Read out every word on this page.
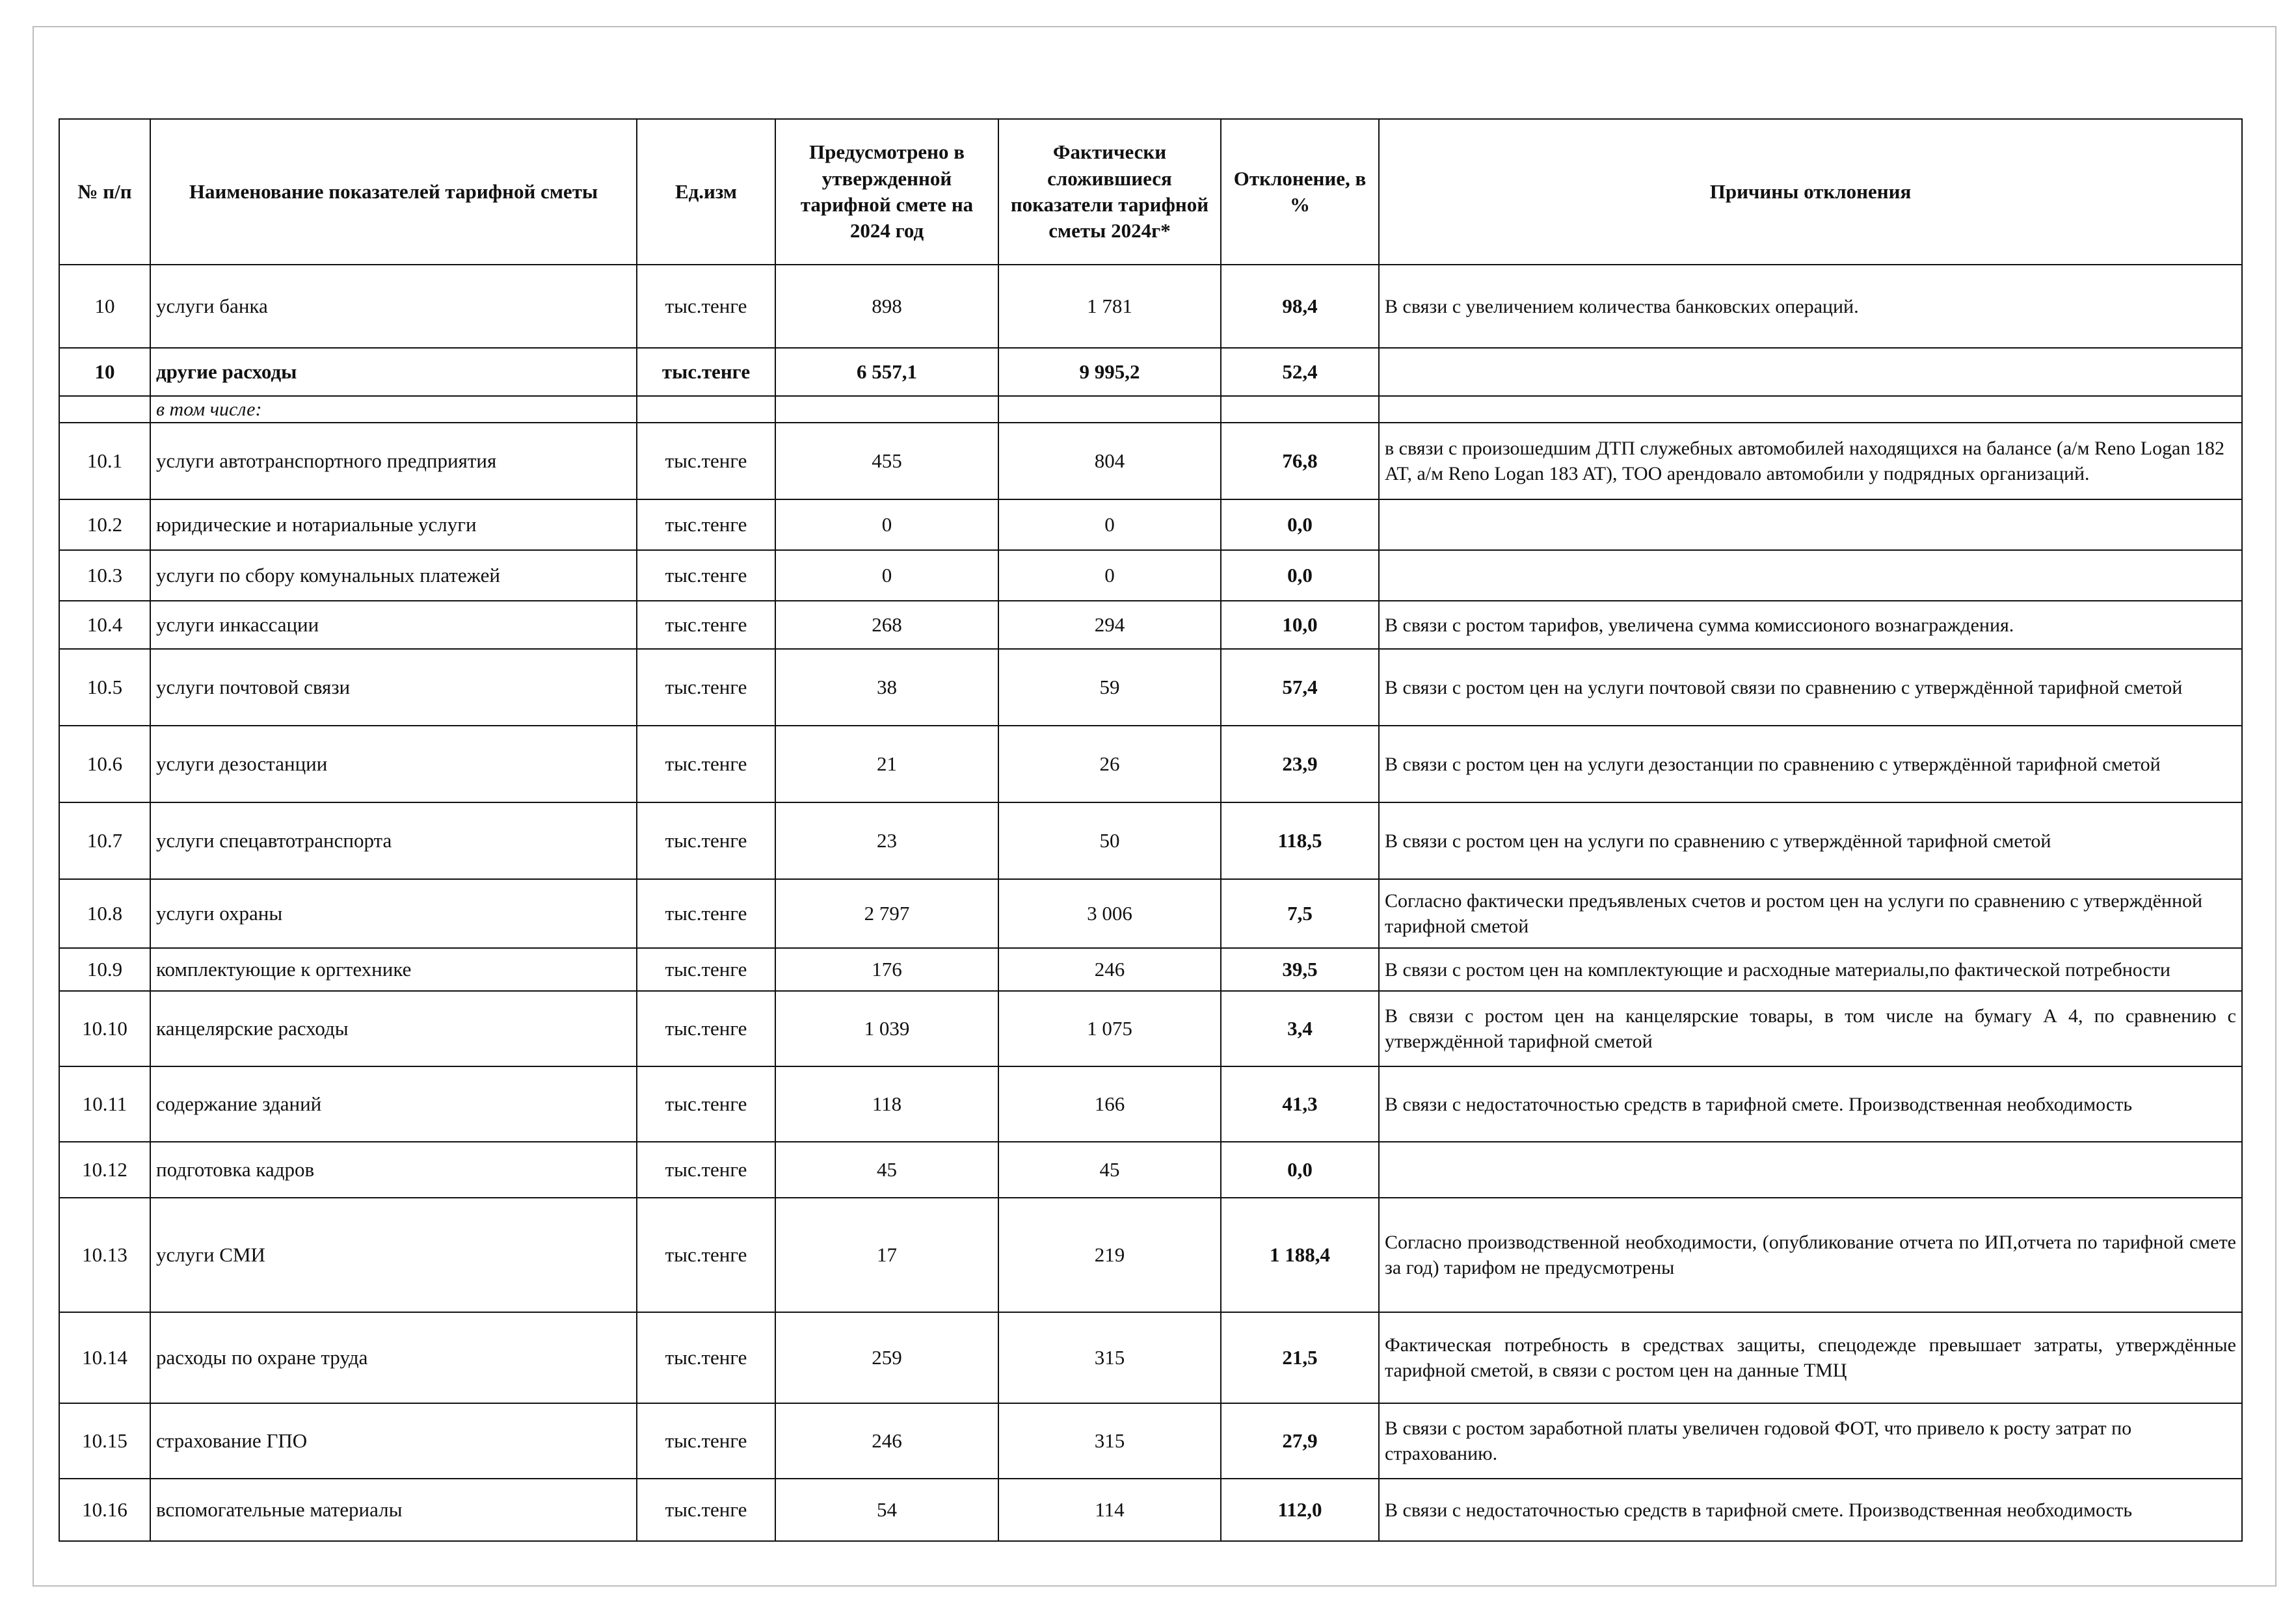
№ п/п	Наименование показателей тарифной сметы	Ед.изм	Предусмотрено в утвержденной тарифной смете на 2024 год	Фактически сложившиеся показатели тарифной сметы 2024г*	Отклонение, в %	Причины отклонения
10	услуги банка	тыс.тенге	898	1 781	98,4	В связи с увеличением количества банковских операций.
10	другие расходы	тыс.тенге	6 557,1	9 995,2	52,4	
	в том числе:					
10.1	услуги автотранспортного предприятия	тыс.тенге	455	804	76,8	в связи с произошедшим ДТП служебных автомобилей находящихся на балансе (а/м Reno Logan 182 AT, а/м Reno Logan 183 AT), ТОО арендовало автомобили у подрядных организаций.
10.2	юридические и нотариальные услуги	тыс.тенге	0	0	0,0	
10.3	услуги по сбору комунальных платежей	тыс.тенге	0	0	0,0	
10.4	услуги инкассации	тыс.тенге	268	294	10,0	В связи с ростом тарифов, увеличена сумма комиссионого вознаграждения.
10.5	услуги почтовой связи	тыс.тенге	38	59	57,4	В связи с ростом цен на услуги почтовой связи по сравнению с утверждённой тарифной сметой
10.6	услуги дезостанции	тыс.тенге	21	26	23,9	В связи с ростом цен на услуги дезостанции по сравнению с утверждённой тарифной сметой
10.7	услуги спецавтотранспорта	тыс.тенге	23	50	118,5	В связи с ростом цен на услуги по сравнению с утверждённой тарифной сметой
10.8	услуги охраны	тыс.тенге	2 797	3 006	7,5	Согласно фактически предъявленых счетов и ростом цен на услуги по сравнению с утверждённой тарифной сметой
10.9	комплектующие к оргтехнике	тыс.тенге	176	246	39,5	В связи с ростом цен на комплектующие и расходные материалы,по фактической потребности
10.10	канцелярские расходы	тыс.тенге	1 039	1 075	3,4	В связи с ростом цен на канцелярские товары, в том числе на бумагу А 4, по сравнению с утверждённой тарифной сметой
10.11	содержание зданий	тыс.тенге	118	166	41,3	В связи с недостаточностью средств в тарифной смете. Производственная необходимость
10.12	подготовка кадров	тыс.тенге	45	45	0,0	
10.13	услуги СМИ	тыс.тенге	17	219	1 188,4	Согласно производственной необходимости, (опубликование отчета по ИП,отчета по тарифной смете за год) тарифом не предусмотрены
10.14	расходы по охране труда	тыс.тенге	259	315	21,5	Фактическая потребность в средствах защиты, спецодежде превышает затраты, утверждённые тарифной сметой, в связи с ростом цен на данные ТМЦ
10.15	страхование ГПО	тыс.тенге	246	315	27,9	В связи с ростом заработной платы увеличен годовой ФОТ, что привело к росту затрат по страхованию.
10.16	вспомогательные материалы	тыс.тенге	54	114	112,0	В связи с недостаточностью средств в тарифной смете. Производственная необходимость
